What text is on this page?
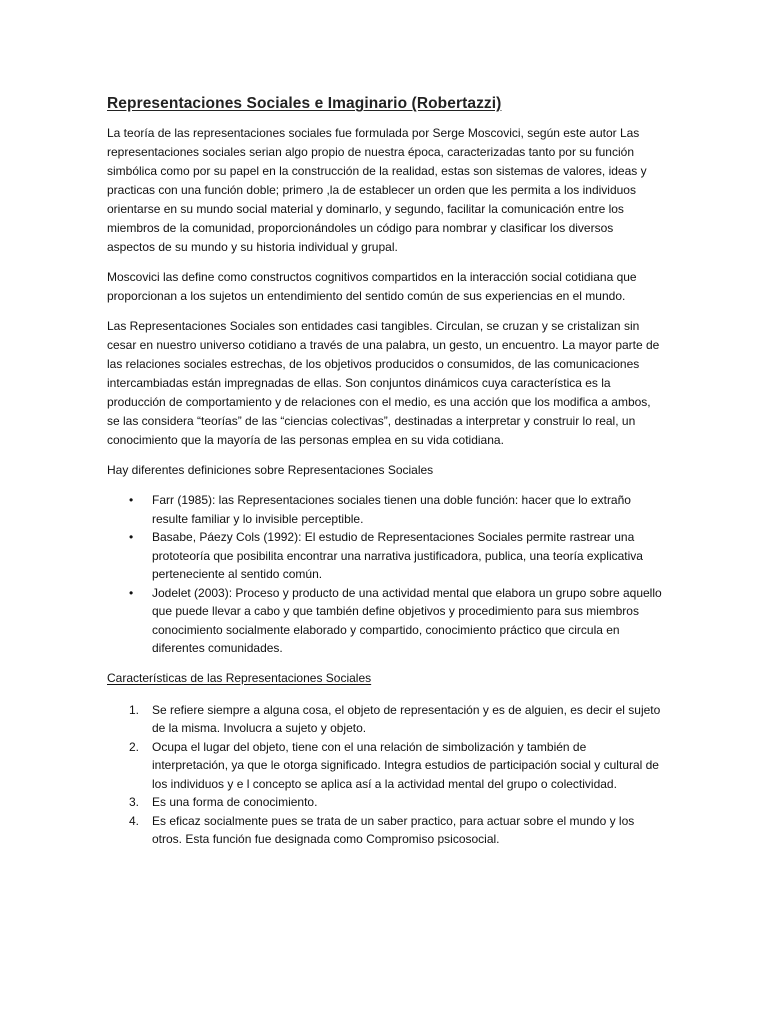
Representaciones Sociales e Imaginario (Robertazzi)

La teoría de las representaciones sociales fue formulada por Serge Moscovici, según este autor Las representaciones sociales serian algo propio de nuestra época, caracterizadas tanto por su función simbólica como por su papel en la construcción de la realidad, estas son sistemas de valores, ideas y practicas con una función doble; primero ,la de establecer un orden que les permita a los individuos orientarse en su mundo social material y dominarlo, y segundo, facilitar la comunicación entre los miembros de la comunidad, proporcionándoles un código para nombrar y clasificar los diversos aspectos de su mundo y su historia individual y grupal.

Moscovici las define como constructos cognitivos compartidos en la interacción social cotidiana que proporcionan a los sujetos un entendimiento del sentido común de sus experiencias en el mundo.

Las Representaciones Sociales son entidades casi tangibles. Circulan, se cruzan y se cristalizan sin cesar en nuestro universo cotidiano a través de una palabra, un gesto, un encuentro. La mayor parte de las relaciones sociales estrechas, de los objetivos producidos o consumidos, de las comunicaciones intercambiadas están impregnadas de ellas. Son conjuntos dinámicos cuya característica es la producción de comportamiento y de relaciones con el medio, es una acción que los modifica a ambos, se las considera “teorías” de las “ciencias colectivas”, destinadas a interpretar y construir lo real, un conocimiento que la mayoría de las personas emplea en su vida cotidiana.

Hay diferentes definiciones sobre Representaciones Sociales

• Farr (1985): las Representaciones sociales tienen una doble función: hacer que lo extraño resulte familiar y lo invisible perceptible.
• Basabe, Páezy Cols (1992): El estudio de Representaciones Sociales permite rastrear una prototeoría que posibilita encontrar una narrativa justificadora, publica, una teoría explicativa perteneciente al sentido común.
• Jodelet (2003): Proceso y producto de una actividad mental que elabora un grupo sobre aquello que puede llevar a cabo y que también define objetivos y procedimiento para sus miembros conocimiento socialmente elaborado y compartido, conocimiento práctico que circula en diferentes comunidades.

Características de las Representaciones Sociales

1. Se refiere siempre a alguna cosa, el objeto de representación y es de alguien, es decir el sujeto de la misma. Involucra a sujeto y objeto.
2. Ocupa el lugar del objeto, tiene con el una relación de simbolización y también de interpretación, ya que le otorga significado. Integra estudios de participación social y cultural de los individuos y e l concepto se aplica así a la actividad mental del grupo o colectividad.
3. Es una forma de conocimiento.
4. Es eficaz socialmente pues se trata de un saber practico, para actuar sobre el mundo y los otros. Esta función fue designada como Compromiso psicosocial.
